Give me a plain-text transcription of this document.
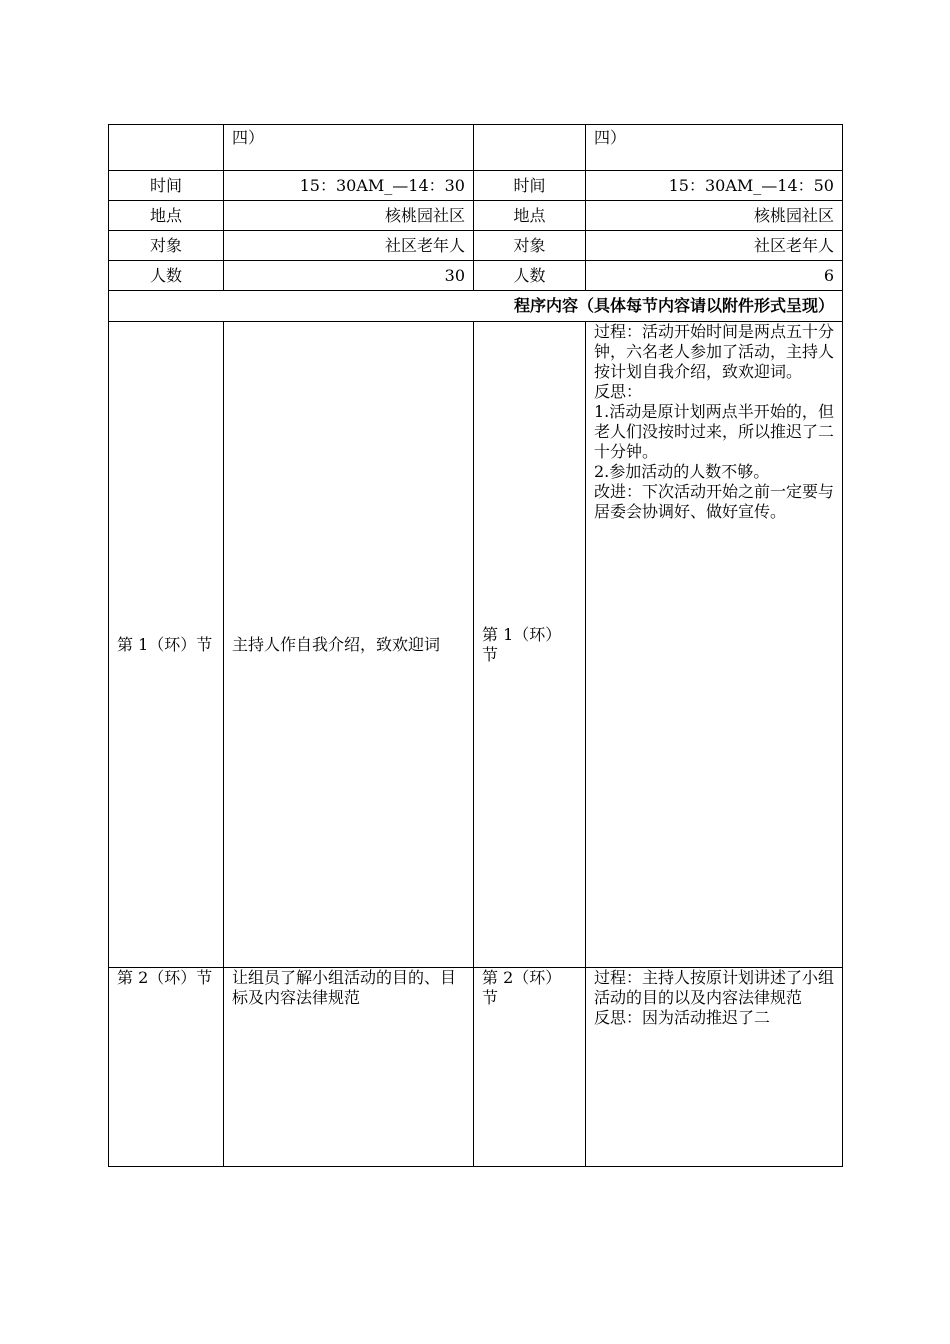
	四）		四）
时间	15：30AM_—14：30	时间	15：30AM_—14：50
地点	核桃园社区	地点	核桃园社区
对象	社区老年人	对象	社区老年人
人数	30	人数	6
程序内容（具体每节内容请以附件形式呈现）			
第 1（环）节	主持人作自我介绍，致欢迎词	第 1（环）节	过程：活动开始时间是两点五十分钟，六名老人参加了活动，主持人按计划自我介绍，致欢迎词。

反思：

1.活动是原计划两点半开始的，但老人们没按时过来，所以推迟了二十分钟。

2.参加活动的人数不够。

改进：下次活动开始之前一定要与居委会协调好、做好宣传。

第 2（环）节	让组员了解小组活动的目的、目标及内容法律规范	第 2（环）节	过程：主持人按原计划讲述了小组活动的目的以及内容法律规范

反思：因为活动推迟了二
